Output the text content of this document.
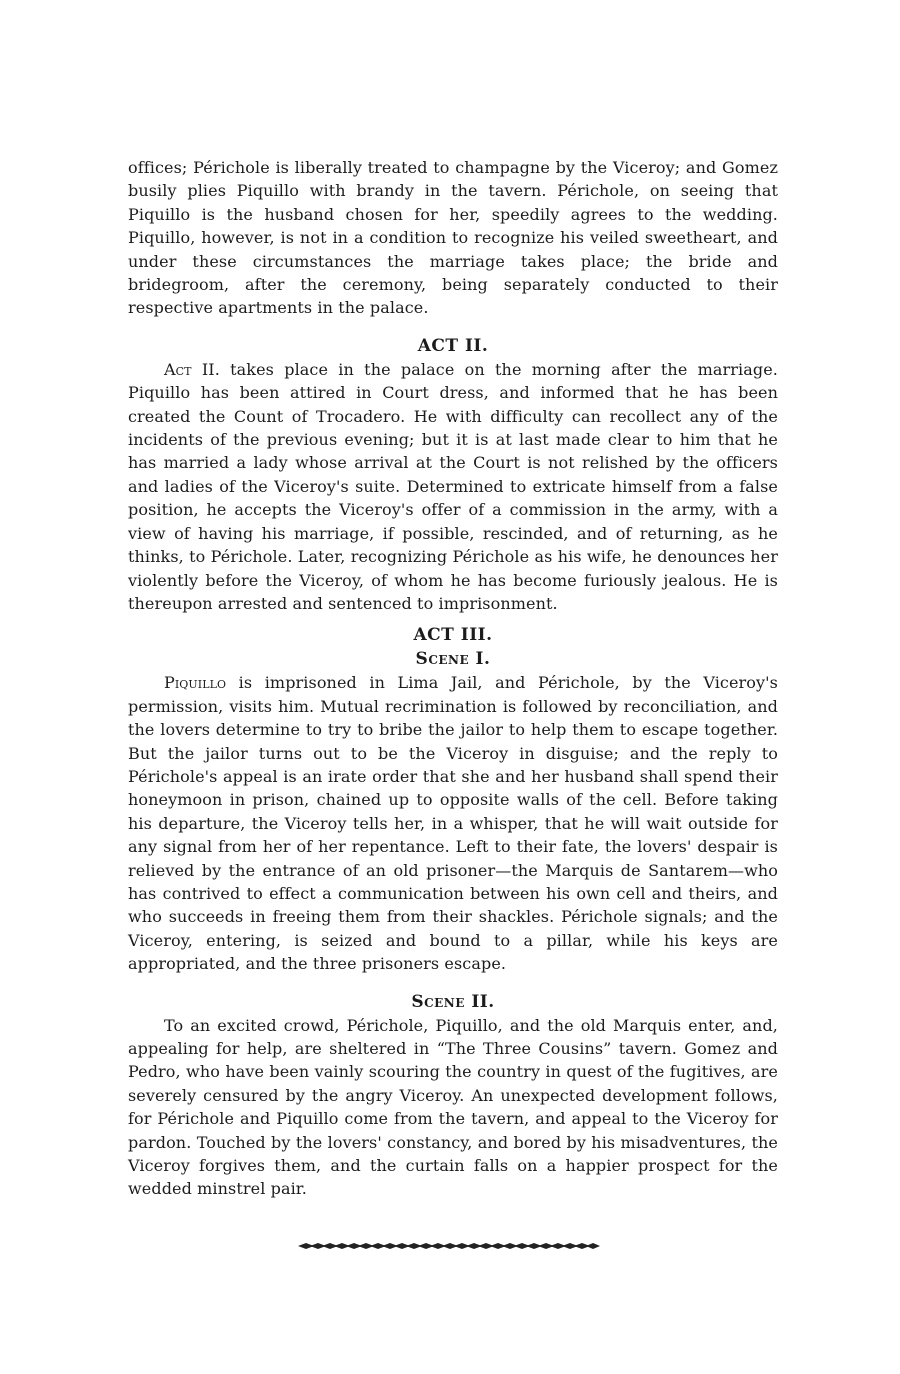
offices; Périchole is liberally treated to champagne by the Viceroy; and Gomez busily plies Piquillo with brandy in the tavern. Périchole, on seeing that Piquillo is the husband chosen for her, speedily agrees to the wedding. Piquillo, however, is not in a condition to recognize his veiled sweetheart, and under these circumstances the marriage takes place; the bride and bridegroom, after the ceremony, being separately conducted to their respective apartments in the palace.

ACT II.

Act II. takes place in the palace on the morning after the marriage. Piquillo has been attired in Court dress, and informed that he has been created the Count of Trocadero. He with difficulty can recollect any of the incidents of the previous evening; but it is at last made clear to him that he has married a lady whose arrival at the Court is not relished by the officers and ladies of the Viceroy's suite. Determined to extricate himself from a false position, he accepts the Viceroy's offer of a commission in the army, with a view of having his marriage, if possible, rescinded, and of returning, as he thinks, to Périchole. Later, recognizing Périchole as his wife, he denounces her violently before the Viceroy, of whom he has become furiously jealous. He is thereupon arrested and sentenced to imprisonment.

ACT III.
Scene I.

Piquillo is imprisoned in Lima Jail, and Périchole, by the Viceroy's permission, visits him. Mutual recrimination is followed by reconciliation, and the lovers determine to try to bribe the jailor to help them to escape together. But the jailor turns out to be the Viceroy in disguise; and the reply to Périchole's appeal is an irate order that she and her husband shall spend their honeymoon in prison, chained up to opposite walls of the cell. Before taking his departure, the Viceroy tells her, in a whisper, that he will wait outside for any signal from her of her repentance. Left to their fate, the lovers' despair is relieved by the entrance of an old prisoner—the Marquis de Santarem—who has contrived to effect a communication between his own cell and theirs, and who succeeds in freeing them from their shackles. Périchole signals; and the Viceroy, entering, is seized and bound to a pillar, while his keys are appropriated, and the three prisoners escape.

Scene II.

To an excited crowd, Périchole, Piquillo, and the old Marquis enter, and, appealing for help, are sheltered in “The Three Cousins” tavern. Gomez and Pedro, who have been vainly scouring the country in quest of the fugitives, are severely censured by the angry Viceroy. An unexpected development follows, for Périchole and Piquillo come from the tavern, and appeal to the Viceroy for pardon. Touched by the lovers' constancy, and bored by his misadventures, the Viceroy forgives them, and the curtain falls on a happier prospect for the wedded minstrel pair.
